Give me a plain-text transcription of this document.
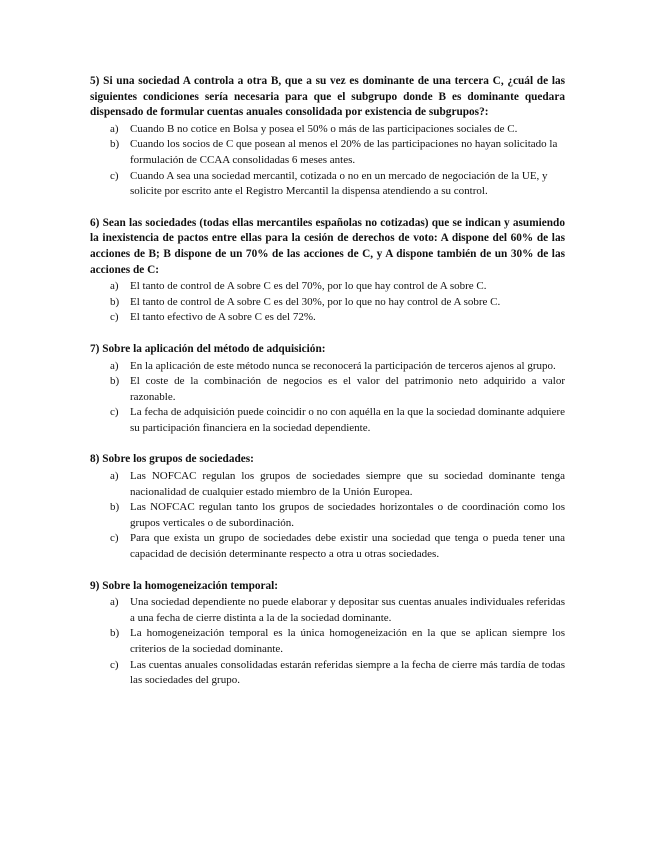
5) Si una sociedad A controla a otra B, que a su vez es dominante de una tercera C, ¿cuál de las siguientes condiciones sería necesaria para que el subgrupo donde B es dominante quedara dispensado de formular cuentas anuales consolidada por existencia de subgrupos?:

a) Cuando B no cotice en Bolsa y posea el 50% o más de las participaciones sociales de C.
b) Cuando los socios de C que posean al menos el 20% de las participaciones no hayan solicitado la formulación de CCAA consolidadas 6 meses antes.
c) Cuando A sea una sociedad mercantil, cotizada o no en un mercado de negociación de la UE, y solicite por escrito ante el Registro Mercantil la dispensa atendiendo a su control.

6) Sean las sociedades (todas ellas mercantiles españolas no cotizadas) que se indican y asumiendo la inexistencia de pactos entre ellas para la cesión de derechos de voto: A dispone del 60% de las acciones de B; B dispone de un 70% de las acciones de C, y A dispone también de un 30% de las acciones de C:

a) El tanto de control de A sobre C es del 70%, por lo que hay control de A sobre C.
b) El tanto de control de A sobre C es del 30%, por lo que no hay control de A sobre C.
c) El tanto efectivo de A sobre C es del 72%.

7) Sobre la aplicación del método de adquisición:

a) En la aplicación de este método nunca se reconocerá la participación de terceros ajenos al grupo.
b) El coste de la combinación de negocios es el valor del patrimonio neto adquirido a valor razonable.
c) La fecha de adquisición puede coincidir o no con aquélla en la que la sociedad dominante adquiere su participación financiera en la sociedad dependiente.

8) Sobre los grupos de sociedades:

a) Las NOFCAC regulan los grupos de sociedades siempre que su sociedad dominante tenga nacionalidad de cualquier estado miembro de la Unión Europea.
b) Las NOFCAC regulan tanto los grupos de sociedades horizontales o de coordinación como los grupos verticales o de subordinación.
c) Para que exista un grupo de sociedades debe existir una sociedad que tenga o pueda tener una capacidad de decisión determinante respecto a otra u otras sociedades.

9) Sobre la homogeneización temporal:

a) Una sociedad dependiente no puede elaborar y depositar sus cuentas anuales individuales referidas a una fecha de cierre distinta a la de la sociedad dominante.
b) La homogeneización temporal es la única homogeneización en la que se aplican siempre los criterios de la sociedad dominante.
c) Las cuentas anuales consolidadas estarán referidas siempre a la fecha de cierre más tardía de todas las sociedades del grupo.
